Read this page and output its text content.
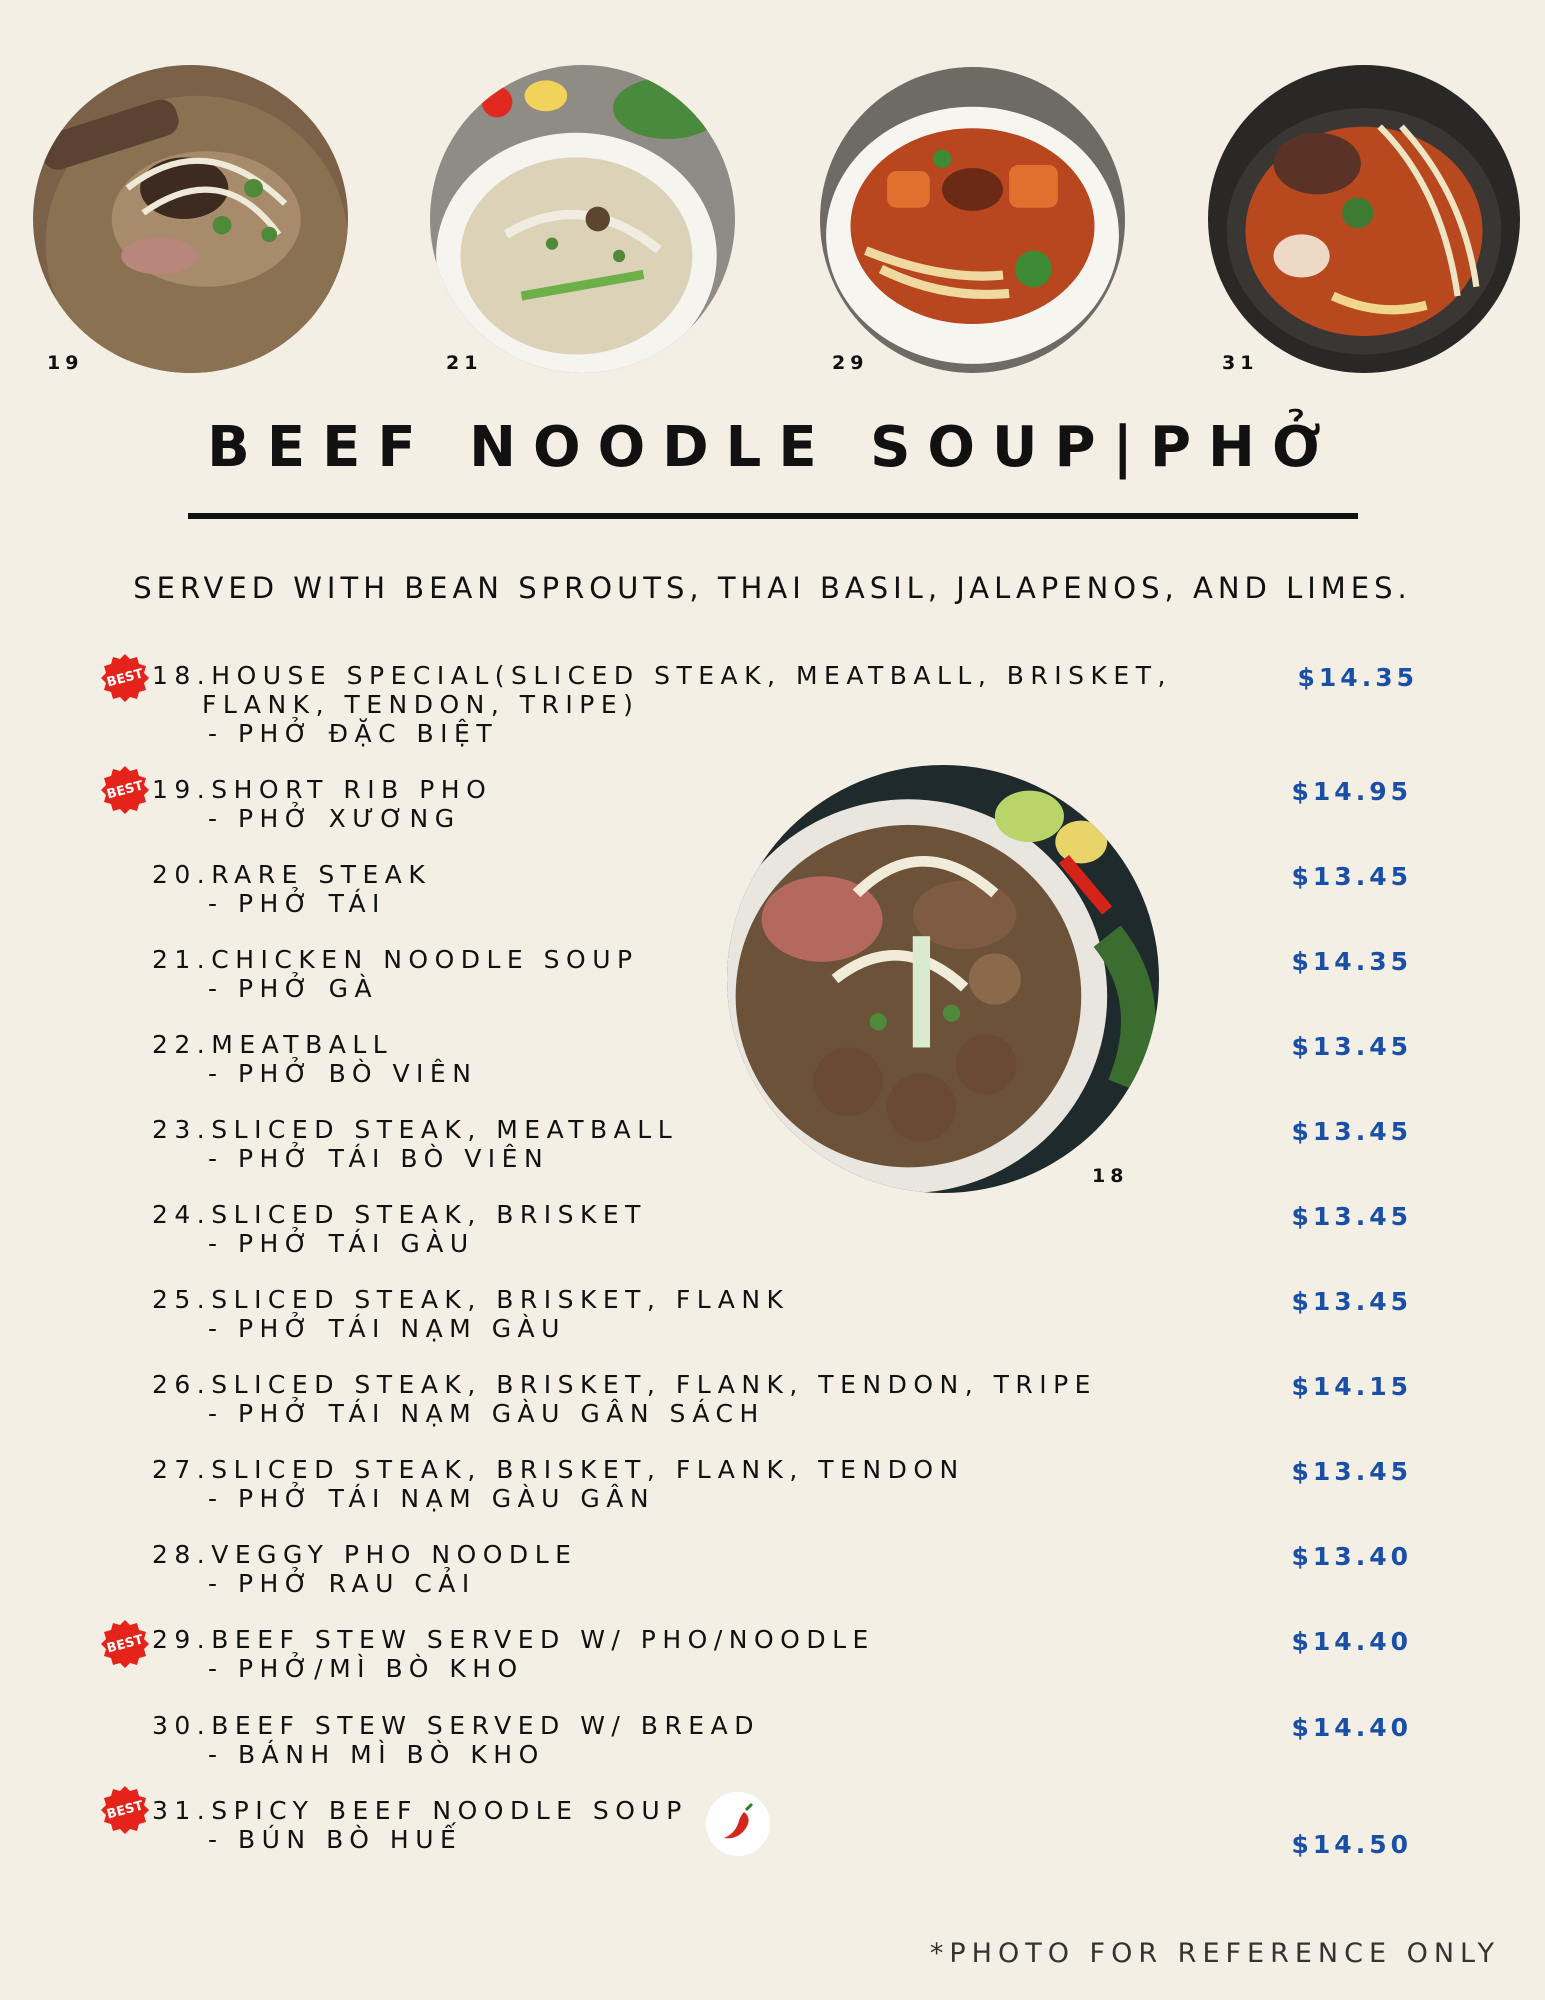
19	21	29	31
BEEF NOODLE SOUP|PHỞ
SERVED WITH BEAN SPROUTS, THAI BASIL, JALAPENOS, AND LIMES.
18
18.HOUSE SPECIAL(SLICED STEAK, MEATBALL, BRISKET,
FLANK, TENDON, TRIPE)
- PHỞ ĐẶC BIỆT
$14.35
19.SHORT RIB PHO
- PHỞ XƯƠNG
$14.95
20.RARE STEAK
- PHỞ TÁI
$13.45
21.CHICKEN NOODLE SOUP
- PHỞ GÀ
$14.35
22.MEATBALL
- PHỞ BÒ VIÊN
$13.45
23.SLICED STEAK, MEATBALL
- PHỞ TÁI BÒ VIÊN
$13.45
24.SLICED STEAK, BRISKET
- PHỞ TÁI GÀU
$13.45
25.SLICED STEAK, BRISKET, FLANK
- PHỞ TÁI NẠM GÀU
$13.45
26.SLICED STEAK, BRISKET, FLANK, TENDON, TRIPE
- PHỞ TÁI NẠM GÀU GÂN SÁCH
$14.15
27.SLICED STEAK, BRISKET, FLANK, TENDON
- PHỞ TÁI NẠM GÀU GÂN
$13.45
28.VEGGY PHO NOODLE
- PHỞ RAU CẢI
$13.40
29.BEEF STEW SERVED W/ PHO/NOODLE
- PHỞ/MÌ BÒ KHO
$14.40
30.BEEF STEW SERVED W/ BREAD
- BÁNH MÌ BÒ KHO
$14.40
31.SPICY BEEF NOODLE SOUP
- BÚN BÒ HUẾ	$14.50
BEST
BEST
BEST
BEST
*PHOTO FOR REFERENCE ONLY
